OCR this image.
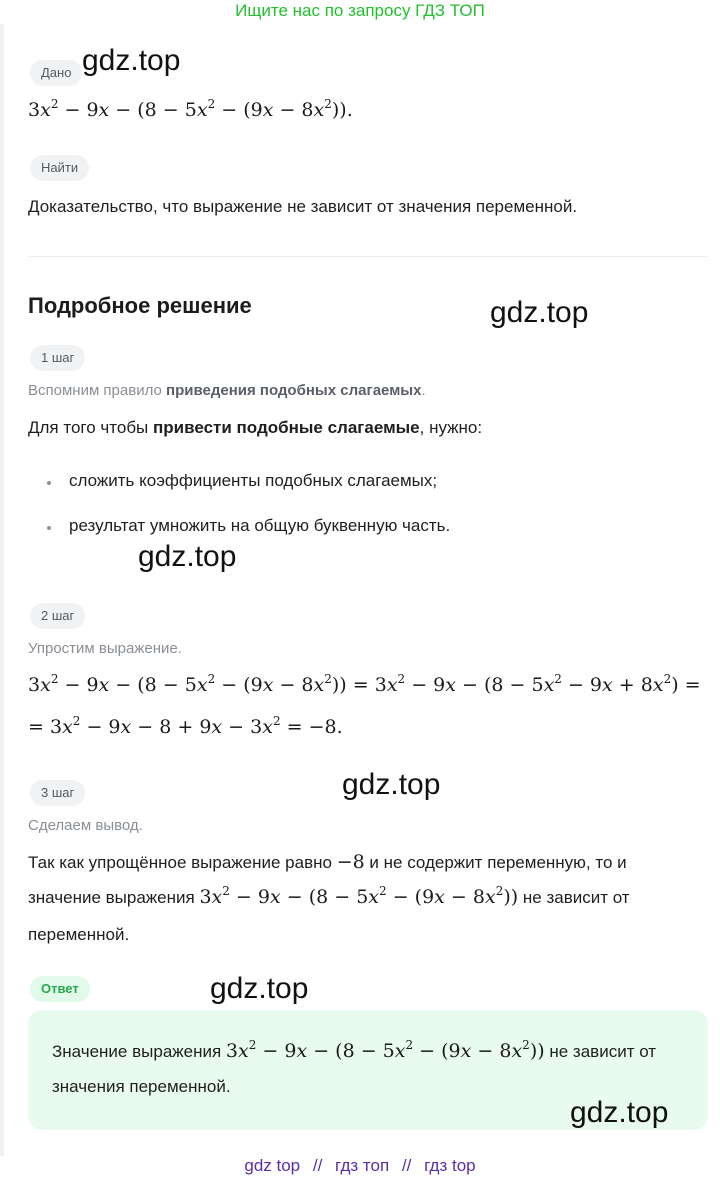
Ищите нас по запросу ГДЗ ТОП
Дано
$3x^2 - 9x - (8 - 5x^2 - (9x - 8x^2))$.
Найти
Доказательство, что выражение не зависит от значения переменной.
Подробное решение
1 шаг
Вспомним правило приведения подобных слагаемых.
Для того чтобы привести подобные слагаемые, нужно:
сложить коэффициенты подобных слагаемых;
результат умножить на общую буквенную часть.
2 шаг
Упростим выражение.
$3x^2 - 9x - (8 - 5x^2 - (9x - 8x^2)) = 3x^2 - 9x - (8 - 5x^2 - 9x + 8x^2)$ =
= $3x^2 - 9x - 8 + 9x - 3x^2 = -8$.
3 шаг
Сделаем вывод.
Так как упрощённое выражение равно −8 и не содержит переменную, то и
значение выражения $3x^2 - 9x - (8 - 5x^2 - (9x - 8x^2))$ не зависит от
переменной.
Ответ
Значение выражения $3x^2 - 9x - (8 - 5x^2 - (9x - 8x^2))$ не зависит от
значения переменной.
gdz.top
gdz.top
gdz.top
gdz.top
gdz.top
gdz.top
gdz top // гдз топ // гдз top
